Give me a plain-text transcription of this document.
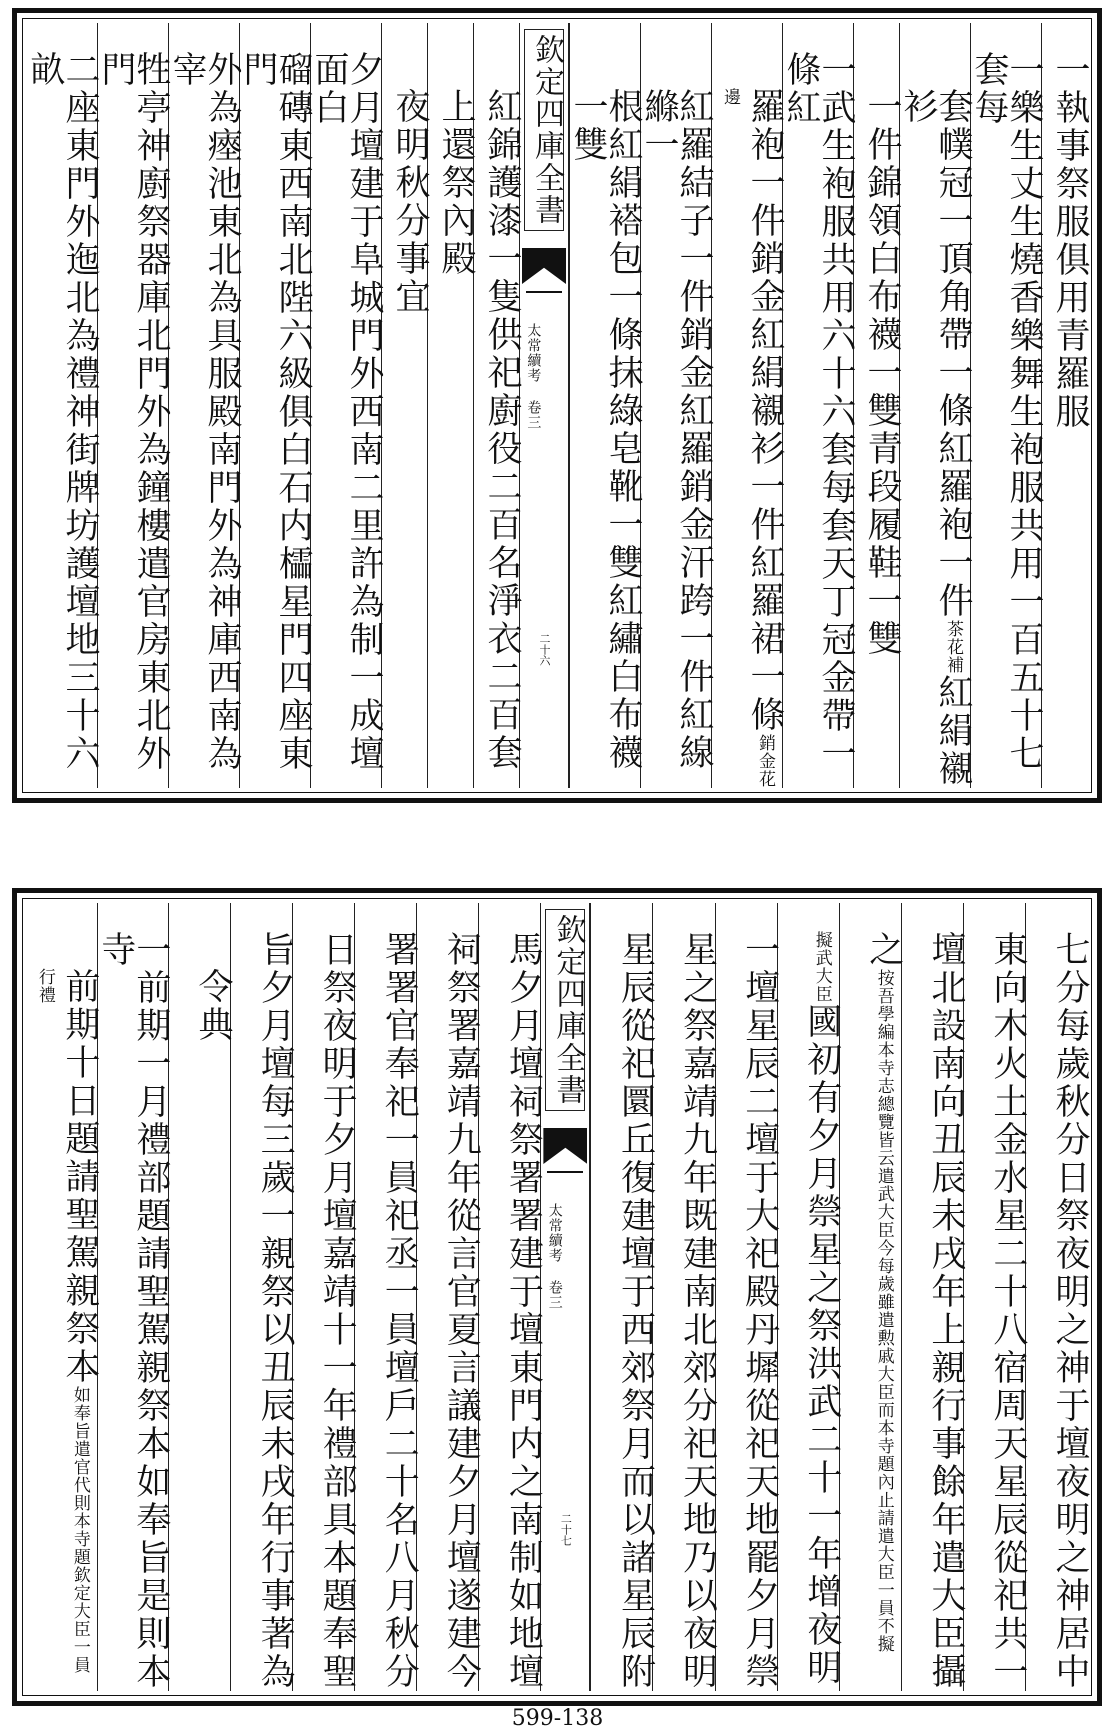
一執事祭服俱用青羅服
一樂生丈生燒香樂舞生袍服共用一百五十七套每
套幞冠一頂角帶一條紅羅袍一件茶花補紅絹襯衫
一件錦領白布襪一雙青段履鞋一雙
一武生袍服共用六十六套每套天丁冠金帶一條紅
羅袍一件銷金紅絹襯衫一件紅羅裙一條銷金花邊
紅羅結子一件銷金紅羅銷金汗跨一件紅線縧一
根紅絹褡包一條抹綠皂靴一雙紅繡白布襪一雙
欽定四庫全書
太常續考 卷三
二十六
紅錦護漆一隻供祀廚役二百名淨衣二百套
上還祭內殿
夜明秋分事宜
夕月壇建于阜城門外西南二里許為制一成壇面白
磂磚東西南北陛六級俱白石内櫺星門四座東門
外為瘞池東北為具服殿南門外為神庫西南為宰
牲亭神廚祭器庫北門外為鐘樓遣官房東北外門
二座東門外迤北為禮神街牌坊護壇地三十六畝
七分每歲秋分日祭夜明之神于壇夜明之神居中
東向木火土金水星二十八宿周天星辰從祀共一
壇北設南向丑辰未戌年上親行事餘年遣大臣攝
之按吾學編本寺志總覽皆云遣武大臣今每歲雖遣勲戚大臣而本寺題內止請遣大臣一員不擬
擬武大臣國初有夕月禜星之祭洪武二十一年增夜明
一壇星辰二壇于大祀殿丹墀從祀天地罷夕月禜
星之祭嘉靖九年既建南北郊分祀天地乃以夜明
星辰從祀圜丘復建壇于西郊祭月而以諸星辰附
欽定四庫全書
太常續考 卷三
二十七
馬夕月壇祠祭署署建于壇東門内之南制如地壇
祠祭署嘉靖九年從言官夏言議建夕月壇遂建今
署署官奉祀一員祀丞一員壇戶二十名八月秋分
日祭夜明于夕月壇嘉靖十一年禮部具本題奉聖
旨夕月壇每三歲一親祭以丑辰未戌年行事著為
令典
一前期一月禮部題請聖駕親祭本如奉旨是則本寺
前期十日題請聖駕親祭本如奉旨遣官代則本寺題欽定大臣一員行禮
599-138
